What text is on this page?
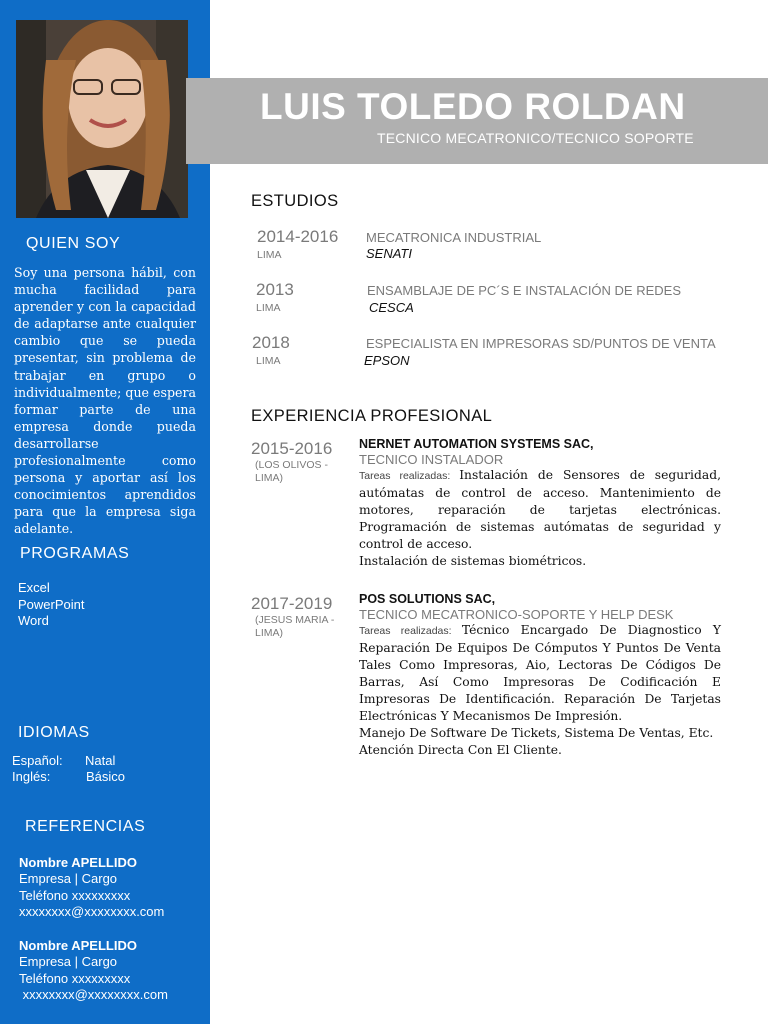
QUIEN SOY
Soy una persona hábil, con mucha facilidad para aprender y con la capacidad de adaptarse ante cualquier cambio que se pueda presentar, sin problema de trabajar en grupo o individualmente; que espera formar parte de una empresa donde pueda desarrollarse profesionalmente como persona y aportar así los conocimientos aprendidos para que la empresa siga adelante.
PROGRAMAS
Excel
PowerPoint
Word
IDIOMAS
Español: Natal
Inglés:	Básico
REFERENCIAS
Nombre APELLIDO
Empresa | Cargo
Teléfono xxxxxxxxx
xxxxxxxx@xxxxxxxx.com
Nombre APELLIDO
Empresa | Cargo
Teléfono xxxxxxxxx
xxxxxxxx@xxxxxxxx.com
LUIS TOLEDO ROLDAN
TECNICO MECATRONICO/TECNICO SOPORTE
ESTUDIOS
2014-2016
LIMA
MECATRONICA INDUSTRIAL
SENATI
2013
LIMA
ENSAMBLAJE DE PC´S E INSTALACIÓN DE REDES
CESCA
2018
LIMA
ESPECIALISTA EN IMPRESORAS SD/PUNTOS DE VENTA
EPSON
EXPERIENCIA PROFESIONAL
2015-2016
(LOS OLIVOS - LIMA)
NERNET AUTOMATION SYSTEMS SAC,
TECNICO INSTALADOR
Tareas realizadas: Instalación de Sensores de seguridad, autómatas de control de acceso. Mantenimiento de motores, reparación de tarjetas electrónicas. Programación de sistemas autómatas de seguridad y control de acceso.
Instalación de sistemas biométricos.
2017-2019
(JESUS MARIA - LIMA)
POS SOLUTIONS SAC,
TECNICO MECATRONICO-SOPORTE Y HELP DESK
Tareas realizadas: Técnico Encargado De Diagnostico Y Reparación De Equipos De Cómputos Y Puntos De Venta Tales Como Impresoras, Aio, Lectoras De Códigos De Barras, Así Como Impresoras De Codificación E Impresoras De Identificación. Reparación De Tarjetas Electrónicas Y Mecanismos De Impresión.
Manejo De Software De Tickets, Sistema De Ventas, Etc.
Atención Directa Con El Cliente.
